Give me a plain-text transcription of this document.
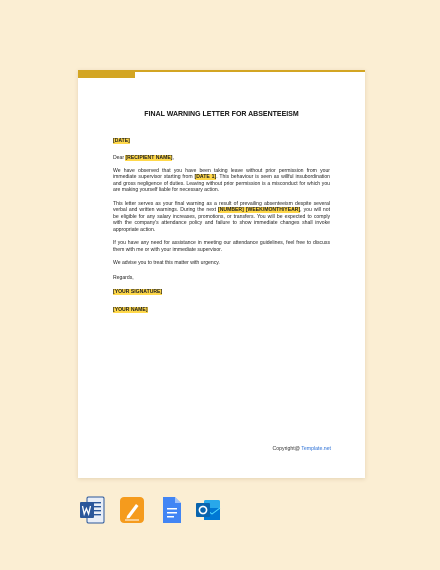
FINAL WARNING LETTER FOR ABSENTEEISM
[DATE]
Dear [RECIPIENT NAME],
We have observed that you have been taking leave without prior permission from your immediate supervisor starting from [DATE 1]. This behaviour is seen as willful insubordination and gross negligence of duties. Leaving without prior permission is a misconduct for which you are making yourself liable for necessary action.
This letter serves as your final warning as a result of prevailing absenteeism despite several verbal and written warnings. During the next [NUMBER] [WEEK/MONTH/YEAR], you will not be eligible for any salary increases, promotions, or transfers. You will be expected to comply with the company's attendance policy and failure to show immediate changes shall invoke appropriate action.
If you have any need for assistance in meeting our attendance guidelines, feel free to discuss them with me or with your immediate supervisor.
We advise you to treat this matter with urgency.
Regards,
[YOUR SIGNATURE]
[YOUR NAME]
Copyright@ Template.net
